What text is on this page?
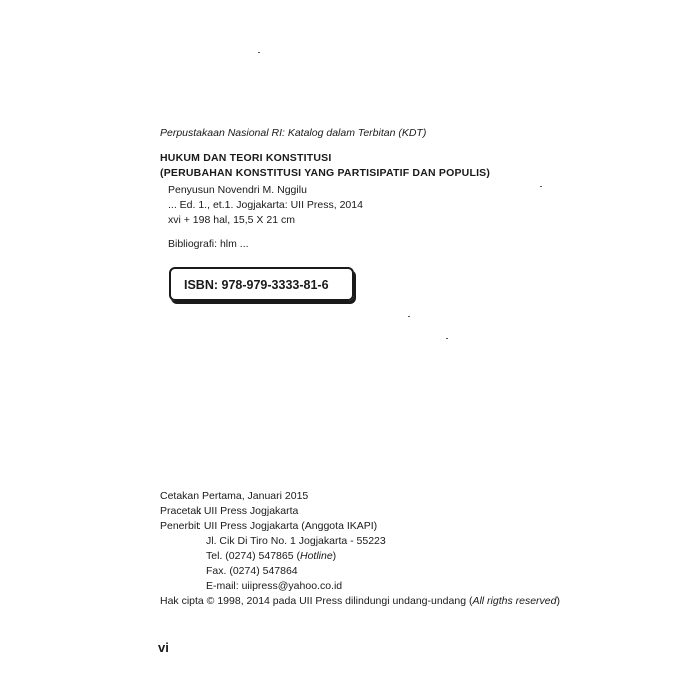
Perpustakaan Nasional RI: Katalog dalam Terbitan (KDT)
HUKUM DAN TEORI KONSTITUSI
(PERUBAHAN KONSTITUSI YANG PARTISIPATIF DAN POPULIS)
Penyusun Novendri M. Nggilu
... Ed. 1., et.1. Jogjakarta: UII Press, 2014
xvi + 198 hal, 15,5 X 21 cm
Bibliografi: hlm ...
ISBN: 978-979-3333-81-6
Cetakan Pertama, Januari 2015
Pracetak
: UII Press Jogjakarta
Penerbit
: UII Press Jogjakarta (Anggota IKAPI)
Jl. Cik Di Tiro No. 1 Jogjakarta - 55223
Tel. (0274) 547865 (Hotline)
Fax. (0274) 547864
E-mail: uiipress@yahoo.co.id
Hak cipta © 1998, 2014 pada UII Press dilindungi undang-undang (All rigths reserved)
vi
